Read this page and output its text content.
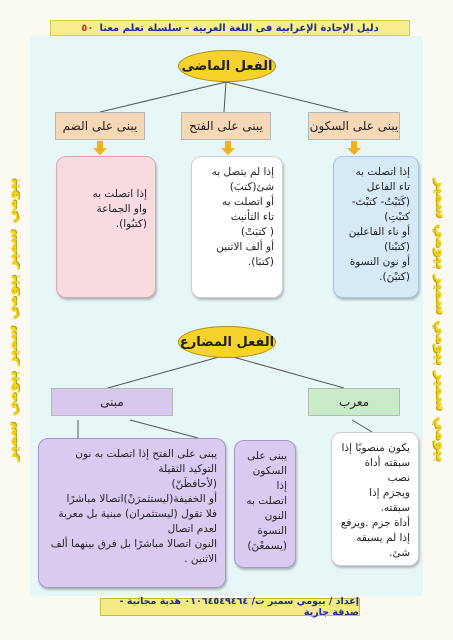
بيومي سمير بيومي سمير بيومي سمير	بيومي سمير بيومي سمير بيومي سمير
دليل الإجادة الإعرابية فى اللغة العربية - سلسلة تعلم معنا
٥٠
الفعل الماضى
يبنى على السكون
يبنى على الفتح
يبنى على الضم

إذا اتصلت به

تاء الفاعل

(كَتَبْتُ- كتبْتَ-

كتبْتِ)

أو ناء الفاعلين

(كتبْنا)

أو نون النسوة

(كتبْنَ).

إذا لم يتصل به

شئ(كتبَ)

أو اتصلت به

تاء التأنيث

( كتبَتْ)

أو ألف الاثنين

(كتبَا).

إذا اتصلت به

واو الجماعة

(كتبُوا).

الفعل المضارع
معرب
مبنى

يكون منصوبًا إذا

سبقته أداة نصب

ويجزم إذا سبقته.

أداة جزم .ويرفع

إذا لم يسبقه شئ.

يبنى على

السكون إذا

اتصلت به

النون

النسوة

(يسمعْنَ)

يبنى على الفتح إذا اتصلت به نون

التوكيد الثقيلة

(لأحافظَنّ)

أو الخفيفة(ليستثمرَنْ)اتصالا مباشرًا

فلا تقول (ليستثمران) مبنية بل معربة

لعدم اتصال

النون اتصالا مباشرًا بل فرق بينهما ألف

الاثنين .

إعداد / بيومي سمير ت/ ٠١٠٦٤٥٤٩٤٦٤ هدية مجانية - صدقة جارية
